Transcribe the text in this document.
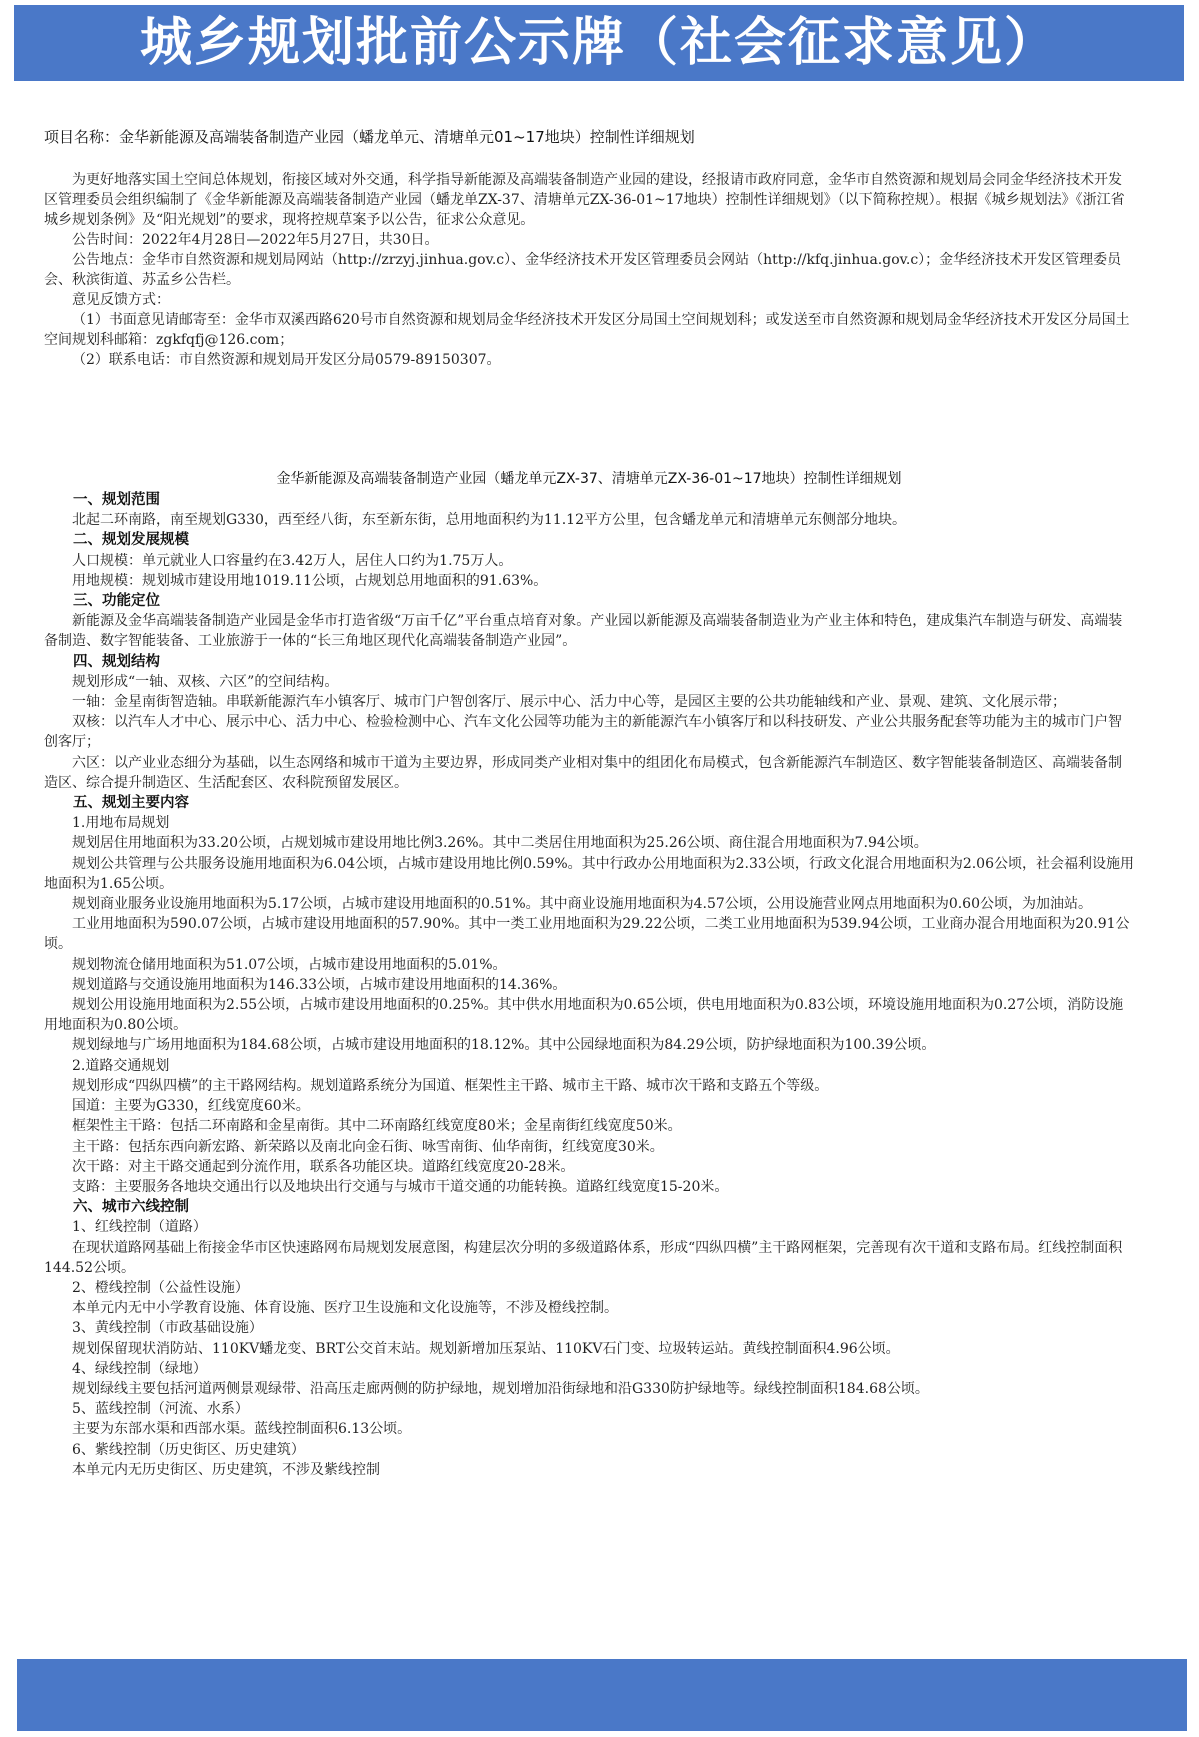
城乡规划批前公示牌（社会征求意见）
项目名称：金华新能源及高端装备制造产业园（蟠龙单元、清塘单元01~17地块）控制性详细规划

为更好地落实国土空间总体规划，衔接区域对外交通，科学指导新能源及高端装备制造产业园的建设，经报请市政府同意，金华市自然资源和规划局会同金华经济技术开发区管理委员会组织编制了《金华新能源及高端装备制造产业园（蟠龙单ZX-37、清塘单元ZX-36-01~17地块）控制性详细规划》（以下简称控规）。根据《城乡规划法》《浙江省城乡规划条例》及“阳光规划”的要求，现将控规草案予以公告，征求公众意见。

公告时间：2022年4月28日—2022年5月27日，共30日。

公告地点：金华市自然资源和规划局网站（http://zrzyj.jinhua.gov.c）、金华经济技术开发区管理委员会网站（http://kfq.jinhua.gov.c）；金华经济技术开发区管理委员会、秋滨街道、苏孟乡公告栏。

意见反馈方式：

（1）书面意见请邮寄至：金华市双溪西路620号市自然资源和规划局金华经济技术开发区分局国土空间规划科；或发送至市自然资源和规划局金华经济技术开发区分局国土空间规划科邮箱：zgkfqfj@126.com；

（2）联系电话：市自然资源和规划局开发区分局0579-89150307。

金华新能源及高端装备制造产业园（蟠龙单元ZX-37、清塘单元ZX-36-01~17地块）控制性详细规划
一、规划范围

北起二环南路，南至规划G330，西至经八街，东至新东街，总用地面积约为11.12平方公里，包含蟠龙单元和清塘单元东侧部分地块。

二、规划发展规模

人口规模：单元就业人口容量约在3.42万人，居住人口约为1.75万人。

用地规模：规划城市建设用地1019.11公顷，占规划总用地面积的91.63%。

三、功能定位

新能源及金华高端装备制造产业园是金华市打造省级“万亩千亿”平台重点培育对象。产业园以新能源及高端装备制造业为产业主体和特色，建成集汽车制造与研发、高端装备制造、数字智能装备、工业旅游于一体的“长三角地区现代化高端装备制造产业园”。

四、规划结构

规划形成“一轴、双核、六区”的空间结构。

一轴：金星南街智造轴。串联新能源汽车小镇客厅、城市门户智创客厅、展示中心、活力中心等，是园区主要的公共功能轴线和产业、景观、建筑、文化展示带；

双核：以汽车人才中心、展示中心、活力中心、检验检测中心、汽车文化公园等功能为主的新能源汽车小镇客厅和以科技研发、产业公共服务配套等功能为主的城市门户智创客厅；

六区：以产业业态细分为基础，以生态网络和城市干道为主要边界，形成同类产业相对集中的组团化布局模式，包含新能源汽车制造区、数字智能装备制造区、高端装备制造区、综合提升制造区、生活配套区、农科院预留发展区。

五、规划主要内容

1.用地布局规划

规划居住用地面积为33.20公顷，占规划城市建设用地比例3.26%。其中二类居住用地面积为25.26公顷、商住混合用地面积为7.94公顷。

规划公共管理与公共服务设施用地面积为6.04公顷，占城市建设用地比例0.59%。其中行政办公用地面积为2.33公顷，行政文化混合用地面积为2.06公顷，社会福利设施用地面积为1.65公顷。

规划商业服务业设施用地面积为5.17公顷，占城市建设用地面积的0.51%。其中商业设施用地面积为4.57公顷，公用设施营业网点用地面积为0.60公顷，为加油站。

工业用地面积为590.07公顷，占城市建设用地面积的57.90%。其中一类工业用地面积为29.22公顷，二类工业用地面积为539.94公顷，工业商办混合用地面积为20.91公顷。

规划物流仓储用地面积为51.07公顷，占城市建设用地面积的5.01%。

规划道路与交通设施用地面积为146.33公顷，占城市建设用地面积的14.36%。

规划公用设施用地面积为2.55公顷，占城市建设用地面积的0.25%。其中供水用地面积为0.65公顷，供电用地面积为0.83公顷，环境设施用地面积为0.27公顷，消防设施用地面积为0.80公顷。

规划绿地与广场用地面积为184.68公顷，占城市建设用地面积的18.12%。其中公园绿地面积为84.29公顷，防护绿地面积为100.39公顷。

2.道路交通规划

规划形成“四纵四横”的主干路网结构。规划道路系统分为国道、框架性主干路、城市主干路、城市次干路和支路五个等级。

国道：主要为G330，红线宽度60米。

框架性主干路：包括二环南路和金星南街。其中二环南路红线宽度80米；金星南街红线宽度50米。

主干路：包括东西向新宏路、新荣路以及南北向金石街、咏雪南街、仙华南街，红线宽度30米。

次干路：对主干路交通起到分流作用，联系各功能区块。道路红线宽度20-28米。

支路：主要服务各地块交通出行以及地块出行交通与与城市干道交通的功能转换。道路红线宽度15-20米。

六、城市六线控制

1、红线控制（道路）

在现状道路网基础上衔接金华市区快速路网布局规划发展意图，构建层次分明的多级道路体系，形成“四纵四横”主干路网框架，完善现有次干道和支路布局。红线控制面积144.52公顷。

2、橙线控制（公益性设施）

本单元内无中小学教育设施、体育设施、医疗卫生设施和文化设施等，不涉及橙线控制。

3、黄线控制（市政基础设施）

规划保留现状消防站、110KV蟠龙变、BRT公交首末站。规划新增加压泵站、110KV石门变、垃圾转运站。黄线控制面积4.96公顷。

4、绿线控制（绿地）

规划绿线主要包括河道两侧景观绿带、沿高压走廊两侧的防护绿地，规划增加沿街绿地和沿G330防护绿地等。绿线控制面积184.68公顷。

5、蓝线控制（河流、水系）

主要为东部水渠和西部水渠。蓝线控制面积6.13公顷。

6、紫线控制（历史街区、历史建筑）

本单元内无历史街区、历史建筑，不涉及紫线控制
